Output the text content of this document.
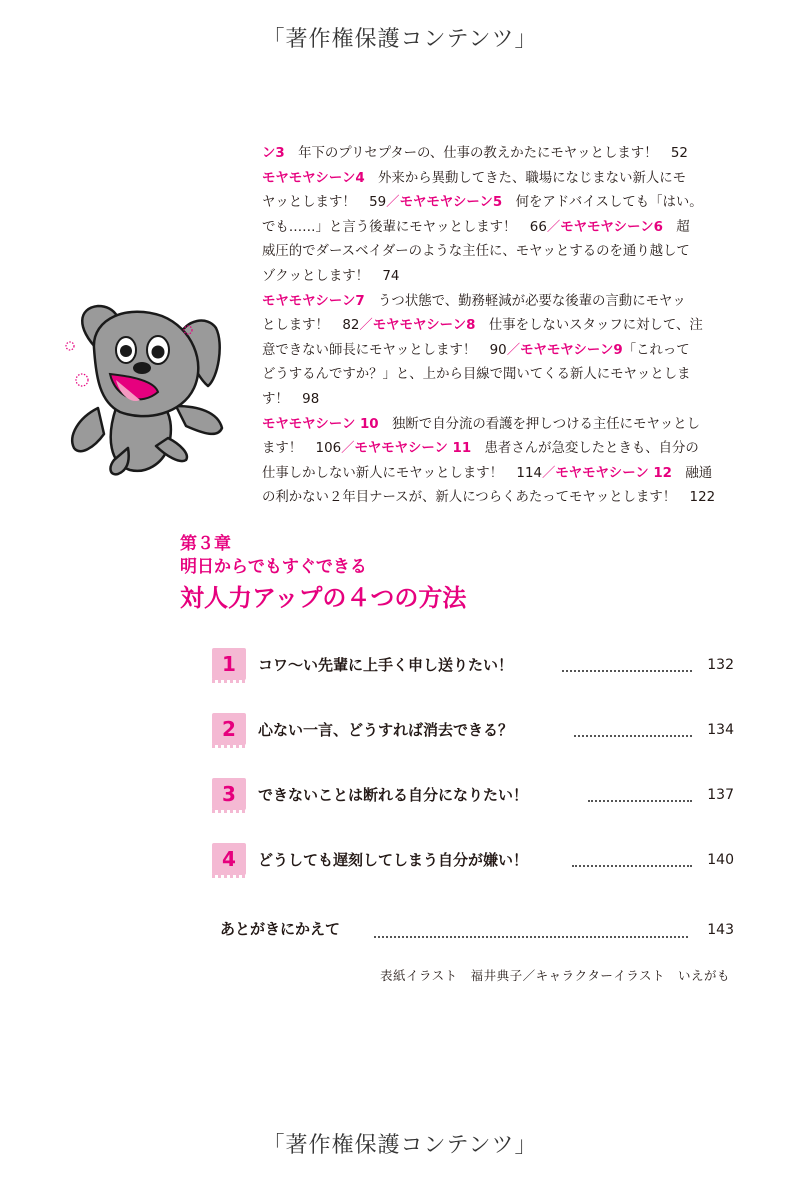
「著作権保護コンテンツ」
ン3　年下のプリセプターの、仕事の教えかたにモヤッとします！　52
モヤモヤシーン4　外来から異動してきた、職場になじまない新人にモ
ヤッとします！　59／モヤモヤシーン5　何をアドバイスしても「はい。
でも……」と言う後輩にモヤッとします！　66／モヤモヤシーン6　超
威圧的でダースベイダーのような主任に、モヤッとするのを通り越して
ゾクッとします！　74
モヤモヤシーン7　うつ状態で、勤務軽減が必要な後輩の言動にモヤッ
とします！　82／モヤモヤシーン8　仕事をしないスタッフに対して、注
意できない師長にモヤッとします！　90／モヤモヤシーン9「これって
どうするんですか？」と、上から目線で聞いてくる新人にモヤッとしま
す！　98
モヤモヤシーン 10　独断で自分流の看護を押しつける主任にモヤッとし
ます！　106／モヤモヤシーン 11　患者さんが急変したときも、自分の
仕事しかしない新人にモヤッとします！　114／モヤモヤシーン 12　融通
の利かない２年目ナースが、新人につらくあたってモヤッとします！　122
第３章
明日からでもすぐできる
対人力アップの４つの方法
1	コワ〜い先輩に上手く申し送りたい！	132
2	心ない一言、どうすれば消去できる？	134
3	できないことは断れる自分になりたい！	137
4	どうしても遅刻してしまう自分が嫌い！	140
あとがきにかえて	143
表紙イラスト　福井典子／キャラクターイラスト　いえがも
「著作権保護コンテンツ」
